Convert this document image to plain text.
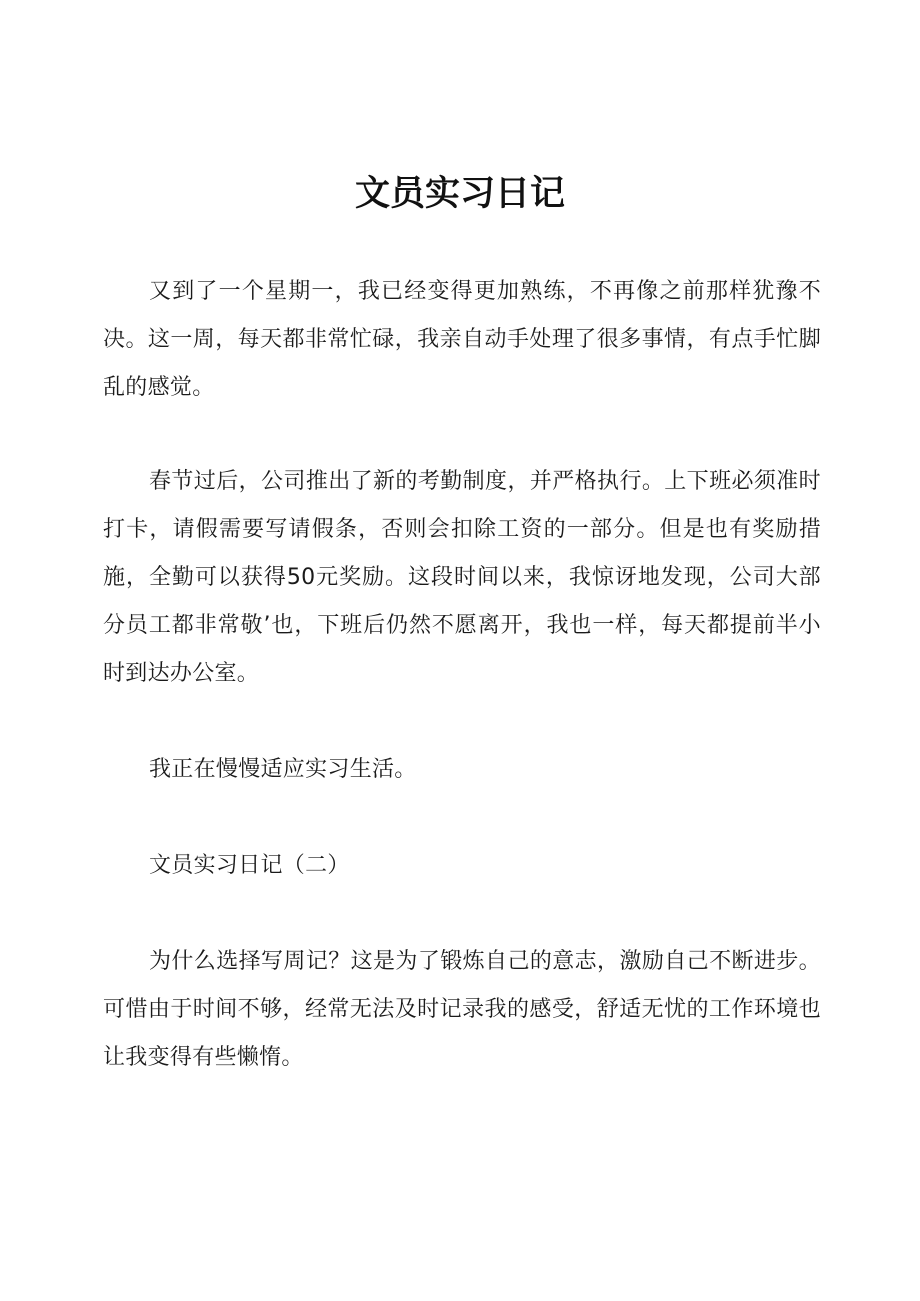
文员实习日记

又到了一个星期一，我已经变得更加熟练，不再像之前那样犹豫不决。这一周，每天都非常忙碌，我亲自动手处理了很多事情，有点手忙脚乱的感觉。

春节过后，公司推出了新的考勤制度，并严格执行。上下班必须准时打卡，请假需要写请假条，否则会扣除工资的一部分。但是也有奖励措施，全勤可以获得50元奖励。这段时间以来，我惊讶地发现，公司大部分员工都非常敬’也，下班后仍然不愿离开，我也一样，每天都提前半小时到达办公室。

我正在慢慢适应实习生活。

文员实习日记（二）

为什么选择写周记？这是为了锻炼自己的意志，激励自己不断进步。可惜由于时间不够，经常无法及时记录我的感受，舒适无忧的工作环境也让我变得有些懒惰。
